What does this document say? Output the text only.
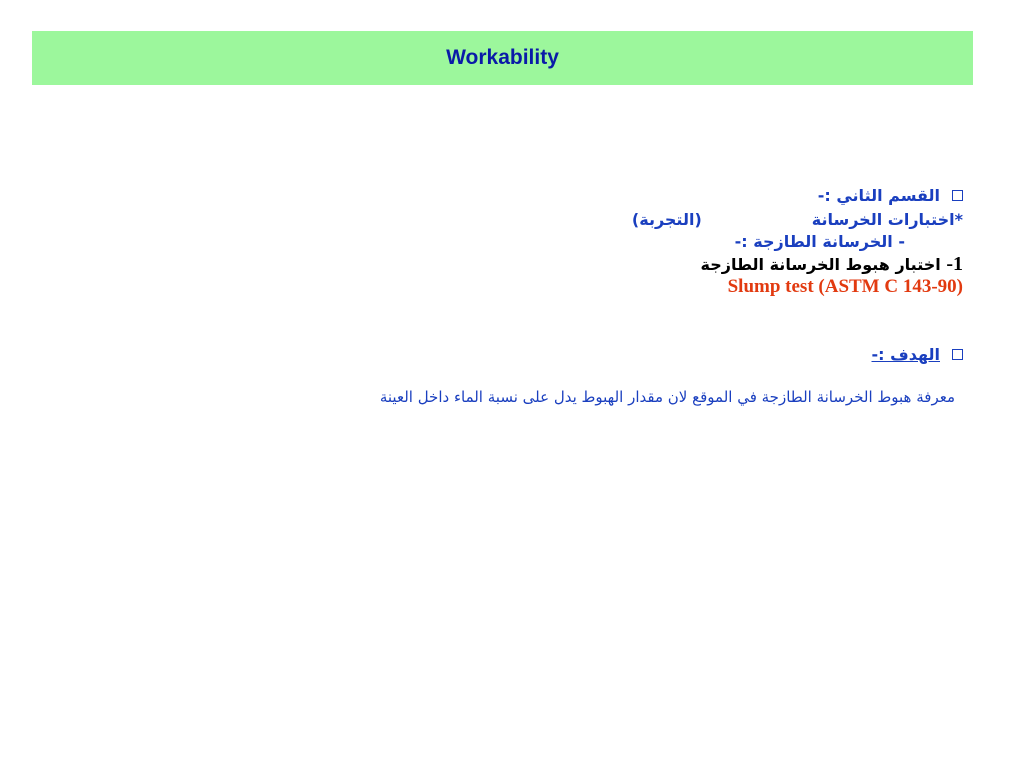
Workability

القسم الثاني :-

*اختبارات الخرسانة(التجربة)

- الخرسانة الطازجة :-

1- اختبار هبوط الخرسانة الطازجة

Slump test (ASTM C 143-90)

الهدف :-

معرفة هبوط الخرسانة الطازجة في الموقع لان مقدار الهبوط يدل على نسبة الماء داخل العينة
